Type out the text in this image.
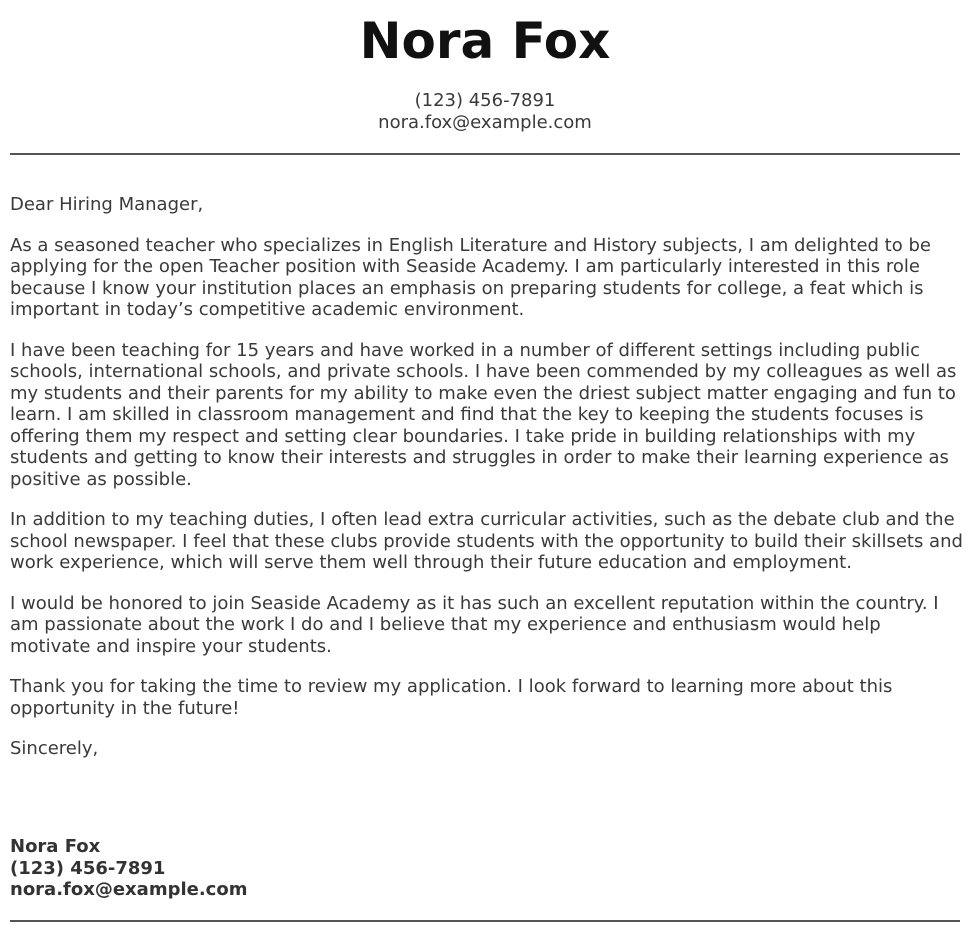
Nora Fox
(123) 456-7891
nora.fox@example.com

Dear Hiring Manager,

As a seasoned teacher who specializes in English Literature and History subjects, I am delighted to be applying for the open Teacher position with Seaside Academy. I am particularly interested in this role because I know your institution places an emphasis on preparing students for college, a feat which is important in today’s competitive academic environment.

I have been teaching for 15 years and have worked in a number of different settings including public schools, international schools, and private schools. I have been commended by my colleagues as well as my students and their parents for my ability to make even the driest subject matter engaging and fun to learn. I am skilled in classroom management and find that the key to keeping the students focuses is offering them my respect and setting clear boundaries. I take pride in building relationships with my students and getting to know their interests and struggles in order to make their learning experience as positive as possible.

In addition to my teaching duties, I often lead extra curricular activities, such as the debate club and the school newspaper. I feel that these clubs provide students with the opportunity to build their skillsets and work experience, which will serve them well through their future education and employment.

I would be honored to join Seaside Academy as it has such an excellent reputation within the country. I am passionate about the work I do and I believe that my experience and enthusiasm would help motivate and inspire your students.

Thank you for taking the time to review my application. I look forward to learning more about this opportunity in the future!

Sincerely,

Nora Fox
(123) 456-7891
nora.fox@example.com
